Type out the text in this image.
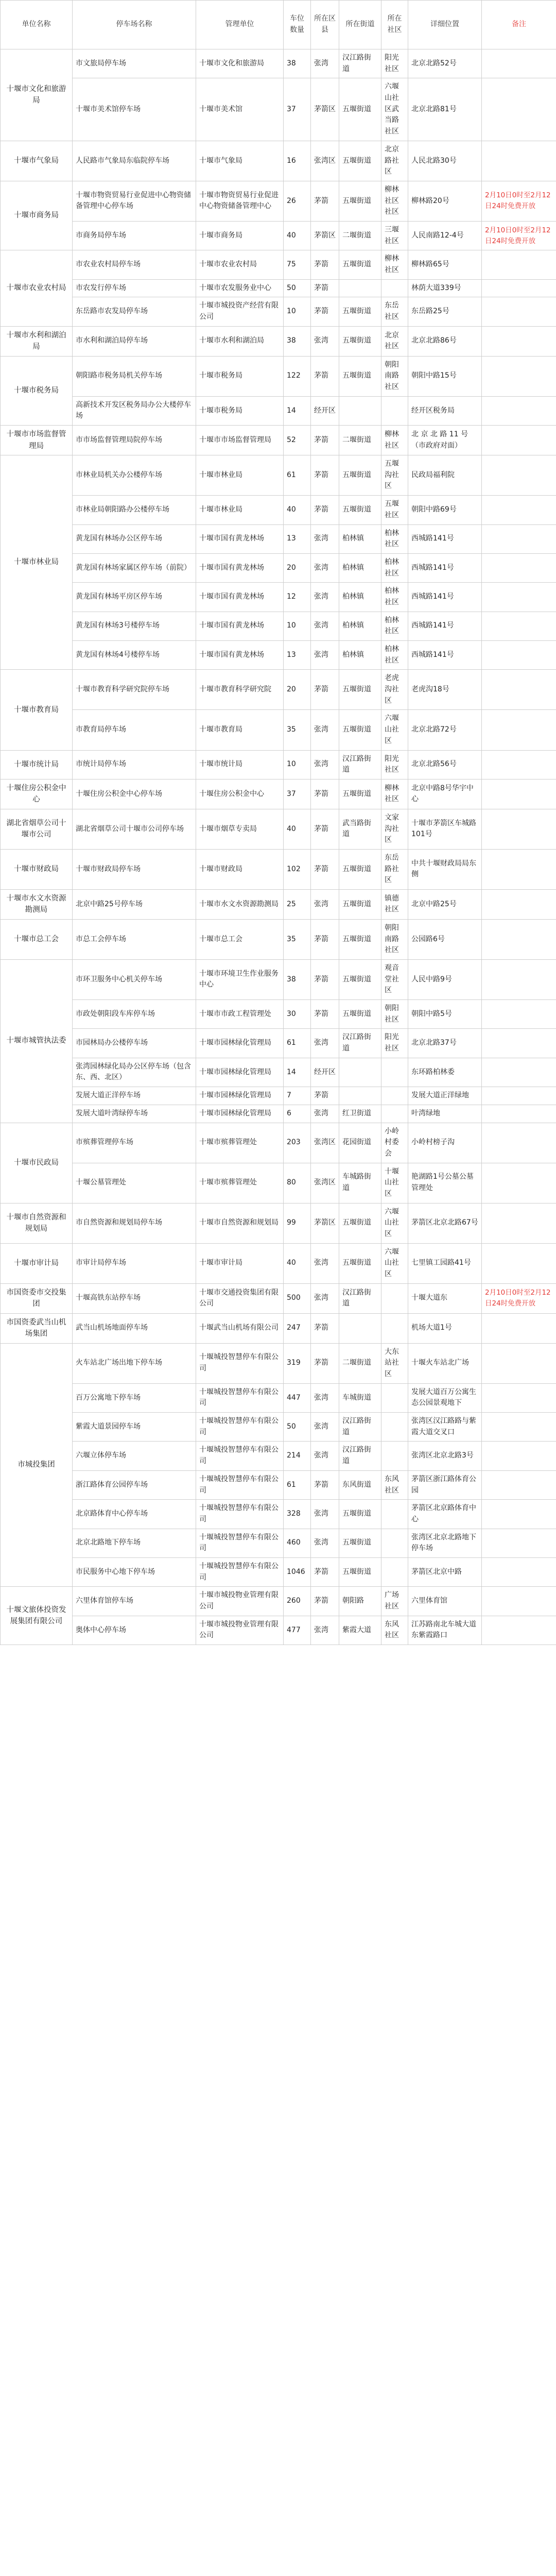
单位名称	停车场名称	管理单位	车位数量	所在区县	所在街道	所在社区	详细位置	备注
十堰市文化和旅游局	市文旅局停车场	十堰市文化和旅游局	38	张湾	汉江路街道	阳光社区	北京北路52号	
	十堰市美术馆停车场	十堰市美术馆	37	茅箭区	五堰街道	六堰山社区武当路社区	北京北路81号	
十堰市气象局	人民路市气象局东临院停车场	十堰市气象局	16	张湾区	五堰街道	北京路社区	人民北路30号	
十堰市商务局	十堰市物资贸易行业促进中心物资储备管理中心停车场	十堰市物资贸易行业促进中心物资储备管理中心	26	茅箭	五堰街道	柳林社区社区	柳林路20号	2月10日0时至2月12日24时免费开放
	市商务局停车场	十堰市商务局	40	茅箭区	二堰街道	三堰社区	人民南路12-4号	2月10日0时至2月12日24时免费开放
十堰市农业农村局	市农业农村局停车场	十堰市农业农村局	75	茅箭	五堰街道	柳林社区	柳林路65号	
	市农发行停车场	十堰市农发服务业中心	50	茅箭			林荫大道339号	
	东岳路市农发局停车场	十堰市城投资产经营有限公司	10	茅箭	五堰街道	东岳社区	东岳路25号	
十堰市水利和湖泊局	市水利和湖泊局停车场	十堰市水利和湖泊局	38	张湾	五堰街道	北京社区	北京北路86号	
十堰市税务局	朝阳路市税务局机关停车场	十堰市税务局	122	茅箭	五堰街道	朝阳南路社区	朝阳中路15号	
	高新技术开发区税务局办公大楼停车场	十堰市税务局	14	经开区			经开区税务局	
十堰市市场监督管理局	市市场监督管理局院停车场	十堰市市场监督管理局	52	茅箭	二堰街道	柳林社区	北 京 北 路 11 号（市政府对面）	
十堰市林业局	市林业局机关办公楼停车场	十堰市林业局	61	茅箭	五堰街道	五堰沟社区	民政局福利院	
	市林业局朝阳路办公楼停车场	十堰市林业局	40	茅箭	五堰街道	五堰社区	朝阳中路69号	
	黄龙国有林场办公区停车场	十堰市国有黄龙林场	13	张湾	柏林镇	柏林社区	西城路141号	
	黄龙国有林场家属区停车场（前院）	十堰市国有黄龙林场	20	张湾	柏林镇	柏林社区	西城路141号	
	黄龙国有林场平房区停车场	十堰市国有黄龙林场	12	张湾	柏林镇	柏林社区	西城路141号	
	黄龙国有林场3号楼停车场	十堰市国有黄龙林场	10	张湾	柏林镇	柏林社区	西城路141号	
	黄龙国有林场4号楼停车场	十堰市国有黄龙林场	13	张湾	柏林镇	柏林社区	西城路141号	
十堰市教育局	十堰市教育科学研究院停车场	十堰市教育科学研究院	20	茅箭	五堰街道	老虎沟社区	老虎沟18号	
	市教育局停车场	十堰市教育局	35	张湾	五堰街道	六堰山社区	北京北路72号	
十堰市统计局	市统计局停车场	十堰市统计局	10	张湾	汉江路街道	阳光社区	北京北路56号	
十堰住房公积金中心	十堰住房公积金中心停车场	十堰住房公积金中心	37	茅箭	五堰街道	柳林社区	北京中路8号华宇中心	
湖北省烟草公司十堰市公司	湖北省烟草公司十堰市公司停车场	十堰市烟草专卖局	40	茅箭	武当路街道	文家沟社区	十堰市茅箭区车城路101号	
十堰市财政局	十堰市财政局停车场	十堰市财政局	102	茅箭	五堰街道	东岳路社区	中共十堰财政局局东侧	
十堰市水文水资源勘测局	北京中路25号停车场	十堰市水文水资源勘测局	25	张湾	五堰街道	镇德社区	北京中路25号	
十堰市总工会	市总工会停车场	十堰市总工会	35	茅箭	五堰街道	朝阳南路社区	公园路6号	
十堰市城管执法委	市环卫服务中心机关停车场	十堰市环境卫生作业服务中心	38	茅箭	五堰街道	观音堂社区	人民中路9号	
	市政处朝阳段车库停车场	十堰市市政工程管理处	30	茅箭	五堰街道	朝阳社区	朝阳中路5号	
	市园林局办公楼停车场	十堰市园林绿化管理局	61	张湾	汉江路街道	阳光社区	北京北路37号	
	张湾园林绿化局办公区停车场（包含东、西、北区）	十堰市园林绿化管理局	14	经开区			东环路柏林委	
	发展大道正洋停车场	十堰市园林绿化管理局	7	茅箭			发展大道正洋绿地	
	发展大道叶湾绿停车场	十堰市园林绿化管理局	6	张湾	红卫街道		叶湾绿地	
十堰市民政局	市殡葬管理停车场	十堰市殡葬管理处	203	张湾区	花园街道	小岭村委会	小岭村榜子沟	
	十堰公墓管理处	十堰市殡葬管理处	80	张湾区	车城路街道	十堰山社区	艳湖路1号公墓公墓管理处	
十堰市自然资源和规划局	市自然资源和规划局停车场	十堰市自然资源和规划局	99	茅箭区	五堰街道	六堰山社区	茅箭区北京北路67号	
十堰市审计局	市审计局停车场	十堰市审计局	40	张湾	五堰街道	六堰山社区	七里镇工园路41号	
市国资委市交投集团	十堰高铁东站停车场	十堰市交通投资集团有限公司	500	张湾	汉江路街道		十堰大道东	2月10日0时至2月12日24时免费开放
市国资委武当山机场集团	武当山机场地面停车场	十堰武当山机场有限公司	247	茅箭			机场大道1号	
市城投集团	火车站北广场出地下停车场	十堰城投智慧停车有限公司	319	茅箭	二堰街道	大东站社区	十堰火车站北广场	
	百万公寓地下停车场	十堰城投智慧停车有限公司	447	张湾	车城街道		发展大道百万公寓生态公园景观地下	
	紫霞大道景园停车场	十堰城投智慧停车有限公司	50	张湾	汉江路街道		张湾区汉江路路与紫霞大道交叉口	
	六堰立体停车场	十堰城投智慧停车有限公司	214	张湾	汉江路街道		张湾区北京北路3号	
	浙江路体育公园停车场	十堰城投智慧停车有限公司	61	茅箭	东风街道	东风社区	茅箭区浙江路体育公园	
	北京路体育中心停车场	十堰城投智慧停车有限公司	328	张湾	五堰街道		茅箭区北京路体育中心	
	北京北路地下停车场	十堰城投智慧停车有限公司	460	张湾	五堰街道		张湾区北京北路地下停车场	
	市民服务中心地下停车场	十堰城投智慧停车有限公司	1046	茅箭	五堰街道		茅箭区北京中路	
十堰文旅体投资发展集团有限公司	六里体育馆停车场	十堰市城投物业管理有限公司	260	茅箭	朝阳路	广场社区	六里体育馆	
	奥体中心停车场	十堰市城投物业管理有限公司	477	张湾	紫霞大道	东风社区	江苏路南北车城大道东紫霞路口	
